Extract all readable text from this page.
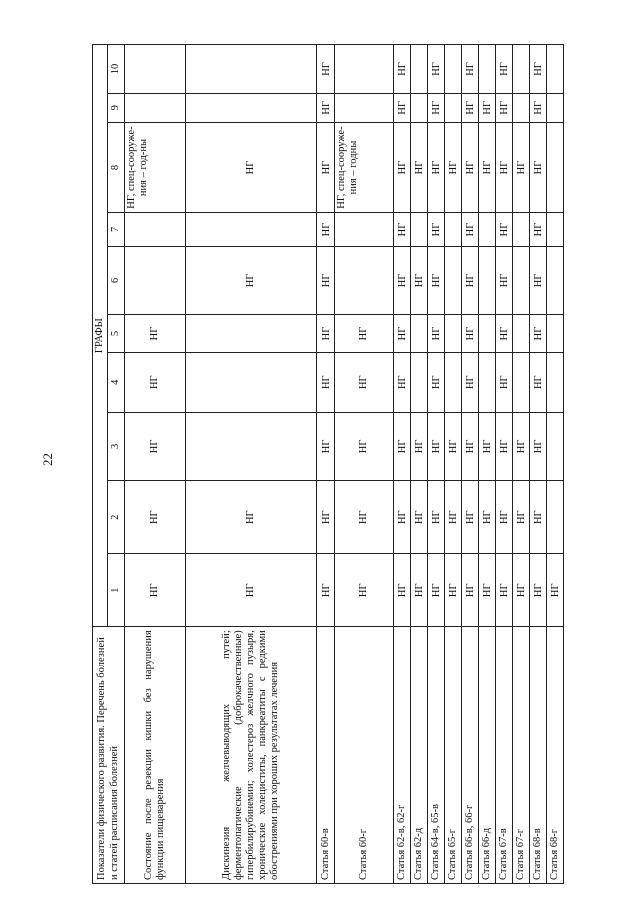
22
Показатели физического развития. Перечень болезней и статей расписания болезней	ГРАФЫ									
	1	2	3	4	5	6	7	8	9	10
Состояние после резекции кишки без нарушения функции пищеварения	НГ	НГ	НГ	НГ	НГ			НГ, спец-сооруже-ния – год-ны		
Дискинезия желчевыводящих путей; ферментопатические (доброкачественные) гипербилирубинемии; холестероз желчного пузыря, хронические холециститы, панкреатиты с редкими обострениями при хороших результатах лечения	НГ	НГ				НГ		НГ		
Статья 60-в	НГ	НГ	НГ	НГ	НГ	НГ	НГ	НГ	НГ	НГ
Статья 60-г	НГ	НГ	НГ	НГ	НГ			НГ, спец-сооруже-ния – годны		
Статья 62-в, 62-г	НГ	НГ	НГ	НГ	НГ	НГ	НГ	НГ	НГ	НГ
Статья 62-д	НГ	НГ	НГ			НГ		НГ		
Статья 64-в, 65-в	НГ	НГ	НГ	НГ	НГ	НГ	НГ	НГ	НГ	НГ
Статья 65-г	НГ	НГ	НГ					НГ		
Статья 66-в, 66-г	НГ	НГ	НГ	НГ	НГ	НГ	НГ	НГ	НГ	НГ
Статья 66-д	НГ	НГ	НГ					НГ	НГ	
Статья 67-в	НГ	НГ	НГ	НГ	НГ	НГ	НГ	НГ	НГ	НГ
Статья 67-г	НГ	НГ	НГ					НГ		
Статья 68-в	НГ	НГ	НГ	НГ	НГ	НГ	НГ	НГ	НГ	НГ
Статья 68-г	НГ									
